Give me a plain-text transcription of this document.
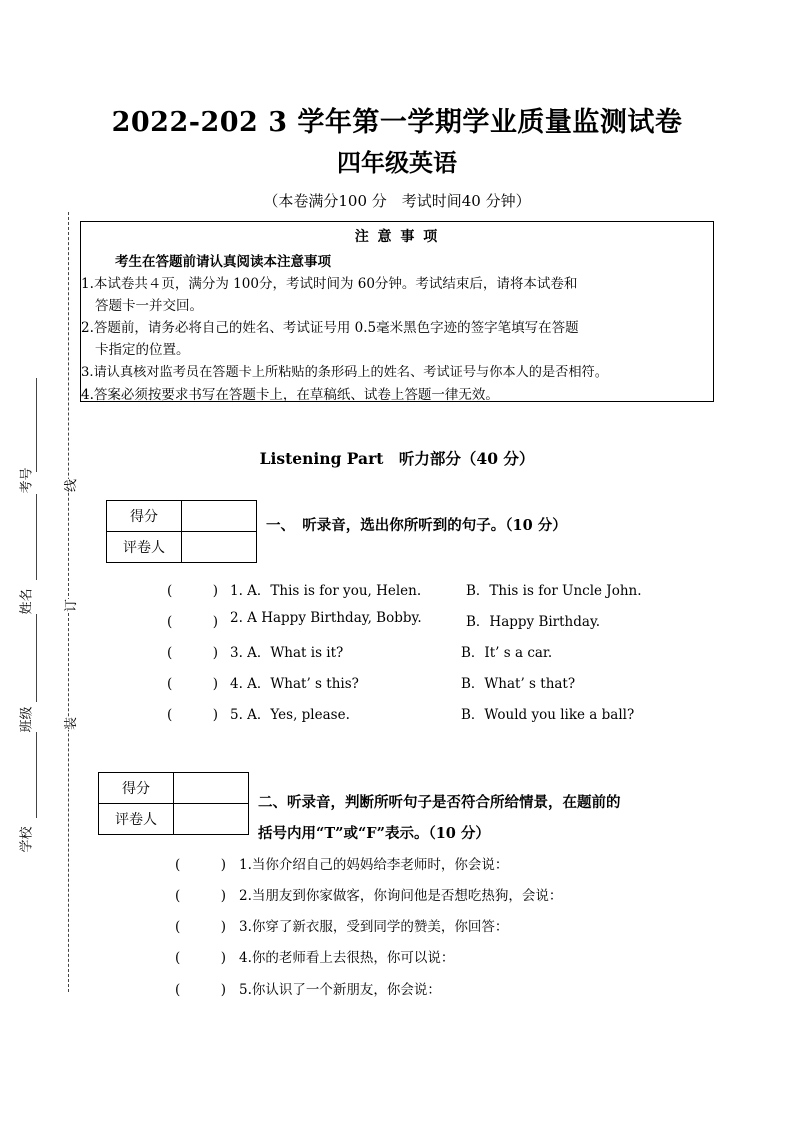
2022-202 3 学年第一学期学业质量监测试卷
四年级英语
（本卷满分100 分　考试时间40 分钟）
注 意 事 项
考生在答题前请认真阅读本注意事项
1.本试卷共４页，满分为 100分，考试时间为 60分钟。考试结束后，请将本试卷和
答题卡一并交回。
2.答题前，请务必将自己的姓名、考试证号用 0.5毫米黑色字迹的签字笔填写在答题
卡指定的位置。
3.请认真核对监考员在答题卡上所粘贴的条形码上的姓名、考试证号与你本人的是否相符。
4.答案必须按要求书写在答题卡上，在草稿纸、试卷上答题一律无效。
考号
姓名
班级
学校
线
订
装
Listening Part　听力部分（40 分）
得分	
评卷人	
一、　听录音，选出你所听到的句子。（10 分）
(　　　) 1. A．This is for you, Helen.	B．This is for Uncle John.
(　　　) 2. A Happy Birthday, Bobby.	B．Happy Birthday.
(　　　) 3. A．What is it?	B．It’ s a car.
(　　　) 4. A．What’ s this?	B．What’ s that?
(　　　) 5. A．Yes, please.	B．Would you like a ball?
得分	
评卷人	
二、听录音，判断所听句子是否符合所给情景，在题前的
括号内用“T”或“F”表示。（10 分）
(　　　) 1.当你介绍自己的妈妈给李老师时，你会说：
(　　　) 2.当朋友到你家做客，你询问他是否想吃热狗，会说：
(　　　) 3.你穿了新衣服，受到同学的赞美，你回答：
(　　　) 4.你的老师看上去很热，你可以说：
(　　　) 5.你认识了一个新朋友，你会说：
